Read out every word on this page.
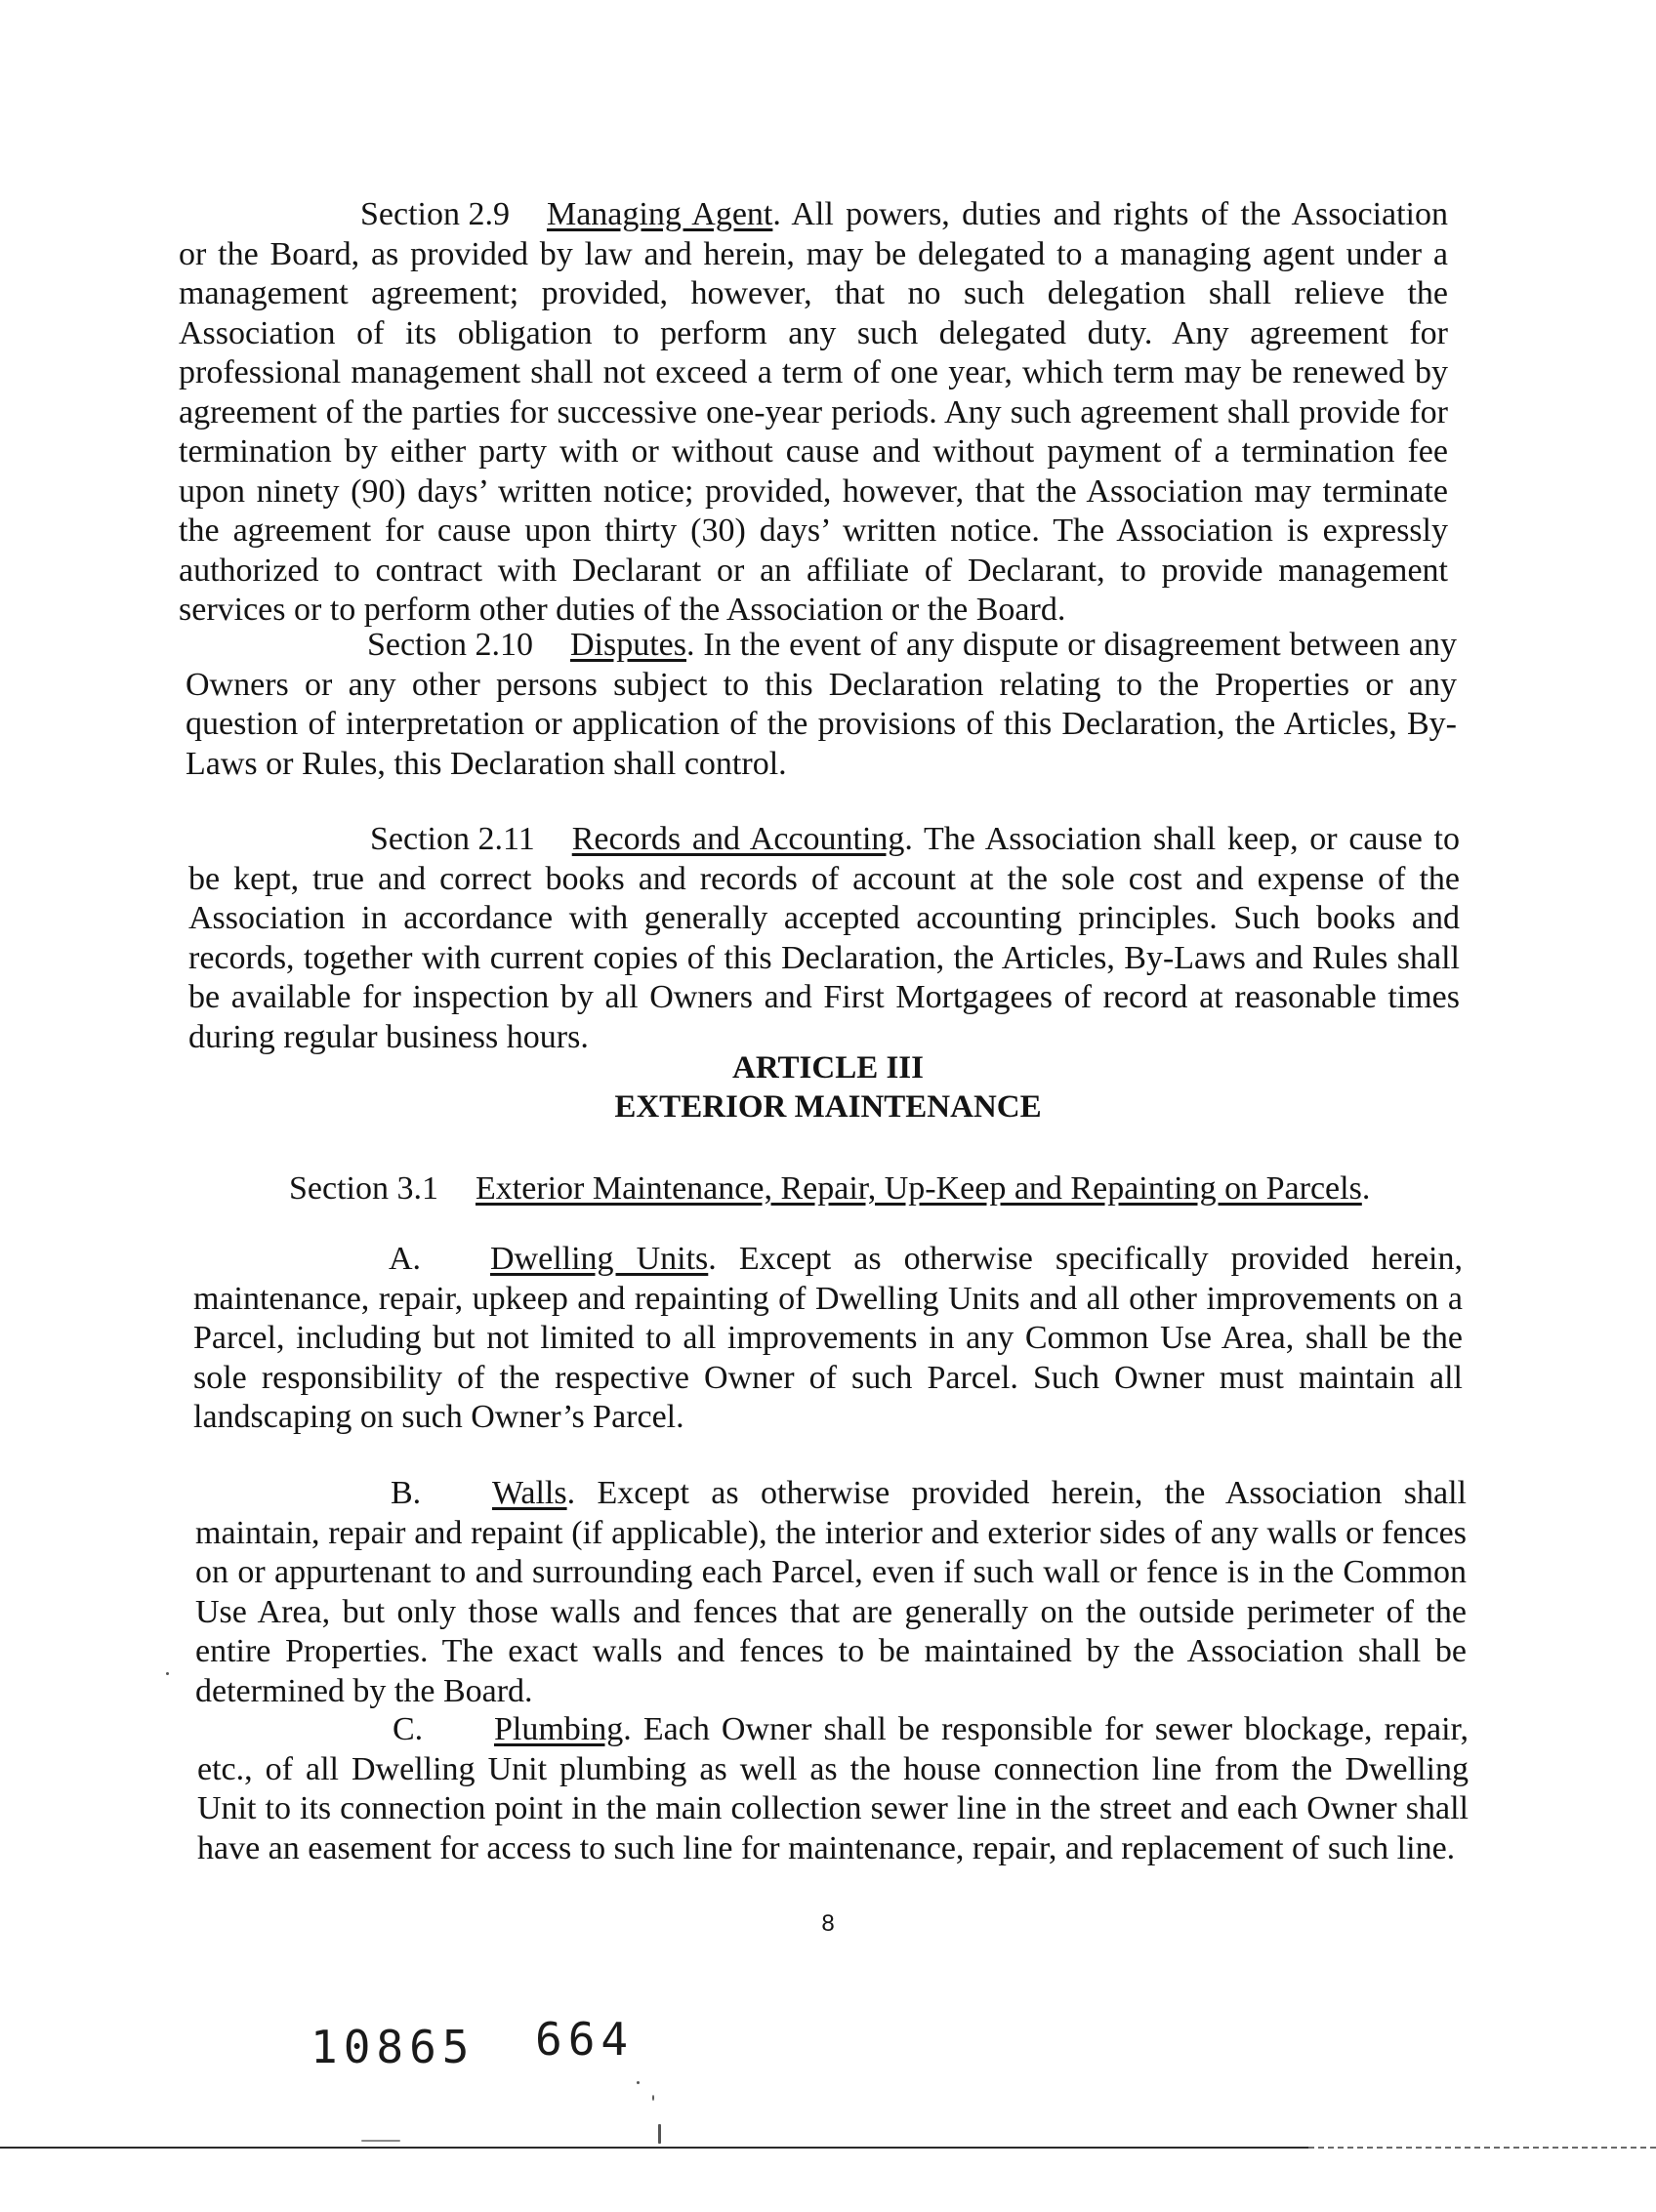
Section 2.9 Managing Agent. All powers, duties and rights of the Association or the Board, as provided by law and herein, may be delegated to a managing agent under a management agreement; provided, however, that no such delegation shall relieve the Association of its obligation to perform any such delegated duty. Any agreement for professional management shall not exceed a term of one year, which term may be renewed by agreement of the parties for successive one-year periods. Any such agreement shall provide for termination by either party with or without cause and without payment of a termination fee upon ninety (90) days’ written notice; provided, however, that the Association may terminate the agreement for cause upon thirty (30) days’ written notice. The Association is expressly authorized to contract with Declarant or an affiliate of Declarant, to provide management services or to perform other duties of the Association or the Board.

Section 2.10 Disputes. In the event of any dispute or disagreement between any Owners or any other persons subject to this Declaration relating to the Properties or any question of interpretation or application of the provisions of this Declaration, the Articles, By-Laws or Rules, this Declaration shall control.

Section 2.11 Records and Accounting. The Association shall keep, or cause to be kept, true and correct books and records of account at the sole cost and expense of the Association in accordance with generally accepted accounting principles. Such books and records, together with current copies of this Declaration, the Articles, By-Laws and Rules shall be available for inspection by all Owners and First Mortgagees of record at reasonable times during regular business hours.

ARTICLE III
EXTERIOR MAINTENANCE
Section 3.1 Exterior Maintenance, Repair, Up-Keep and Repainting on Parcels.

A. Dwelling Units. Except as otherwise specifically provided herein, maintenance, repair, upkeep and repainting of Dwelling Units and all other improvements on a Parcel, including but not limited to all improvements in any Common Use Area, shall be the sole responsibility of the respective Owner of such Parcel. Such Owner must maintain all landscaping on such Owner’s Parcel.

B. Walls. Except as otherwise provided herein, the Association shall maintain, repair and repaint (if applicable), the interior and exterior sides of any walls or fences on or appurtenant to and surrounding each Parcel, even if such wall or fence is in the Common Use Area, but only those walls and fences that are generally on the outside perimeter of the entire Properties. The exact walls and fences to be maintained by the Association shall be determined by the Board.

C. Plumbing. Each Owner shall be responsible for sewer blockage, repair, etc., of all Dwelling Unit plumbing as well as the house connection line from the Dwelling Unit to its connection point in the main collection sewer line in the street and each Owner shall have an easement for access to such line for maintenance, repair, and replacement of such line.

8
10865 664
